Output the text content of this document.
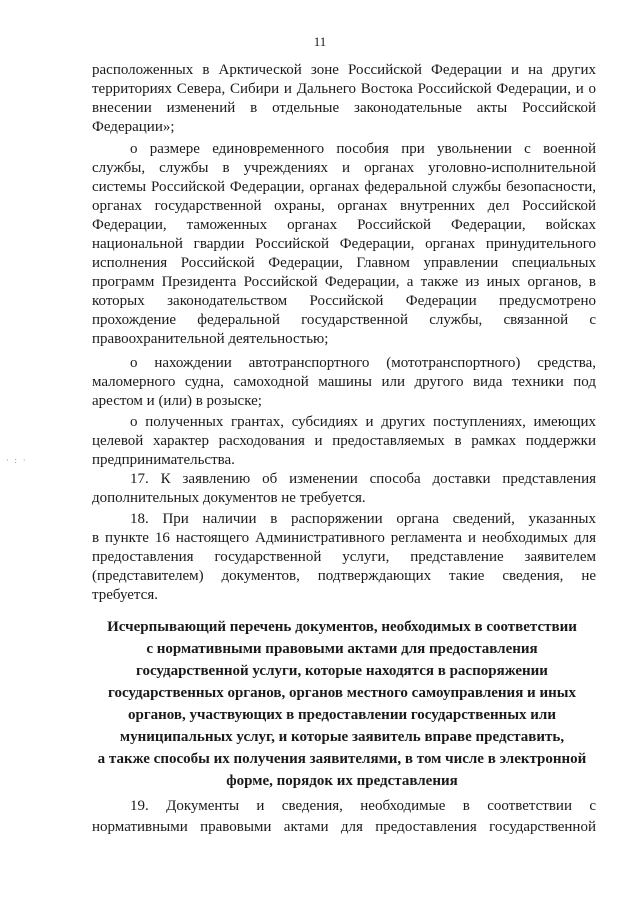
11
· : ·
расположенных в Арктической зоне Российской Федерации и на других
территориях Севера, Сибири и Дальнего Востока Российской Федерации, и о
внесении изменений в отдельные законодательные акты Российской
Федерации»;
о размере единовременного пособия при увольнении с военной
службы, службы в учреждениях и органах уголовно-исполнительной
системы Российской Федерации, органах федеральной службы безопасности,
органах государственной охраны, органах внутренних дел Российской
Федерации, таможенных органах Российской Федерации, войсках
национальной гвардии Российской Федерации, органах принудительного
исполнения Российской Федерации, Главном управлении специальных
программ Президента Российской Федерации, а также из иных органов, в
которых законодательством Российской Федерации предусмотрено
прохождение федеральной государственной службы, связанной с
правоохранительной деятельностью;
о нахождении автотранспортного (мототранспортного) средства,
маломерного судна, самоходной машины или другого вида техники под
арестом и (или) в розыске;
о полученных грантах, субсидиях и других поступлениях, имеющих
целевой характер расходования и предоставляемых в рамках поддержки
предпринимательства.
17. К заявлению об изменении способа доставки представления
дополнительных документов не требуется.
18. При наличии в распоряжении органа сведений, указанных
в пункте 16 настоящего Административного регламента и необходимых для
предоставления государственной услуги, представление заявителем
(представителем) документов, подтверждающих такие сведения, не
требуется.
Исчерпывающий перечень документов, необходимых в соответствии
с нормативными правовыми актами для предоставления
государственной услуги, которые находятся в распоряжении
государственных органов, органов местного самоуправления и иных
органов, участвующих в предоставлении государственных или
муниципальных услуг, и которые заявитель вправе представить,
а также способы их получения заявителями, в том числе в электронной
форме, порядок их представления
19. Документы и сведения, необходимые в соответствии с
нормативными правовыми актами для предоставления государственной
